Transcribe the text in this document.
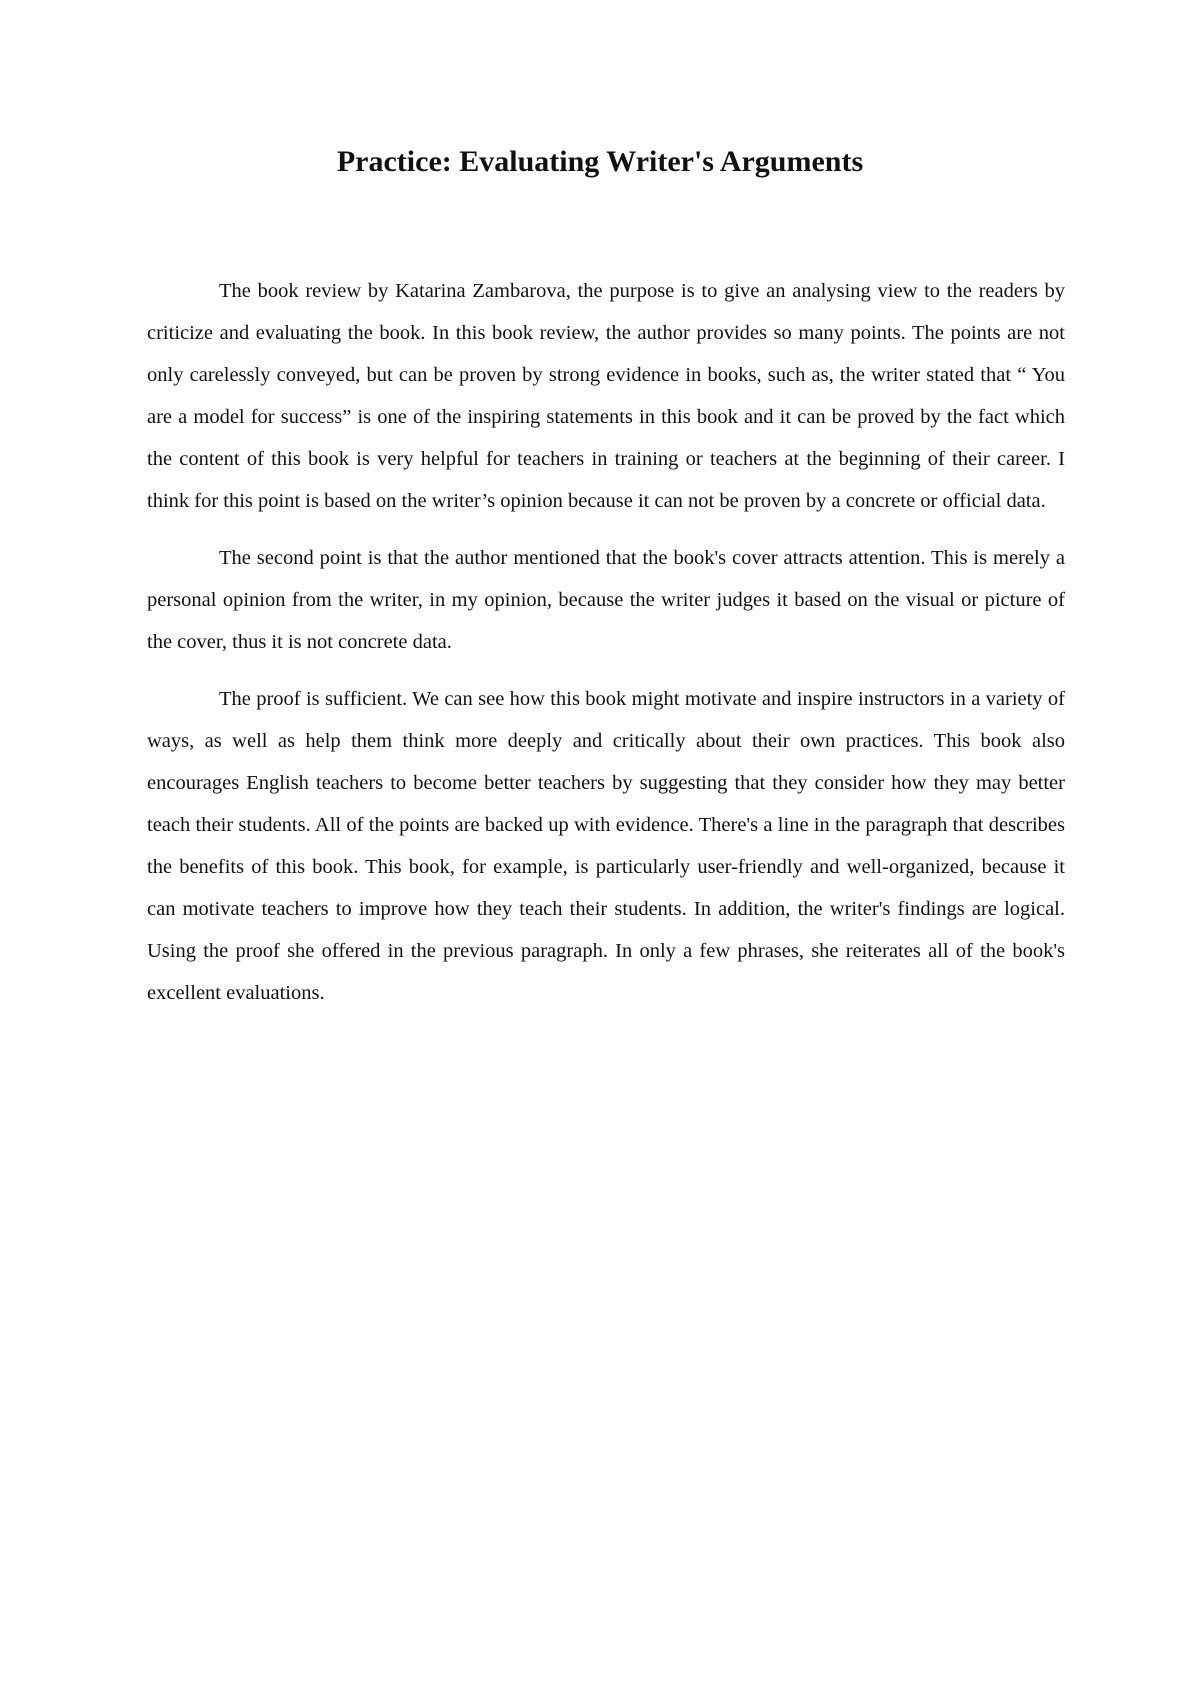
Practice: Evaluating Writer's Arguments

The book review by Katarina Zambarova, the purpose is to give an analysing view to the readers by criticize and evaluating the book. In this book review, the author provides so many points. The points are not only carelessly conveyed, but can be proven by strong evidence in books, such as, the writer stated that “ You are a model for success” is one of the inspiring statements in this book and it can be proved by the fact which the content of this book is very helpful for teachers in training or teachers at the beginning of their career. I think for this point is based on the writer’s opinion because it can not be proven by a concrete or official data.

The second point is that the author mentioned that the book's cover attracts attention. This is merely a personal opinion from the writer, in my opinion, because the writer judges it based on the visual or picture of the cover, thus it is not concrete data.

The proof is sufficient. We can see how this book might motivate and inspire instructors in a variety of ways, as well as help them think more deeply and critically about their own practices. This book also encourages English teachers to become better teachers by suggesting that they consider how they may better teach their students. All of the points are backed up with evidence. There's a line in the paragraph that describes the benefits of this book. This book, for example, is particularly user-friendly and well-organized, because it can motivate teachers to improve how they teach their students. In addition, the writer's findings are logical. Using the proof she offered in the previous paragraph. In only a few phrases, she reiterates all of the book's excellent evaluations.
